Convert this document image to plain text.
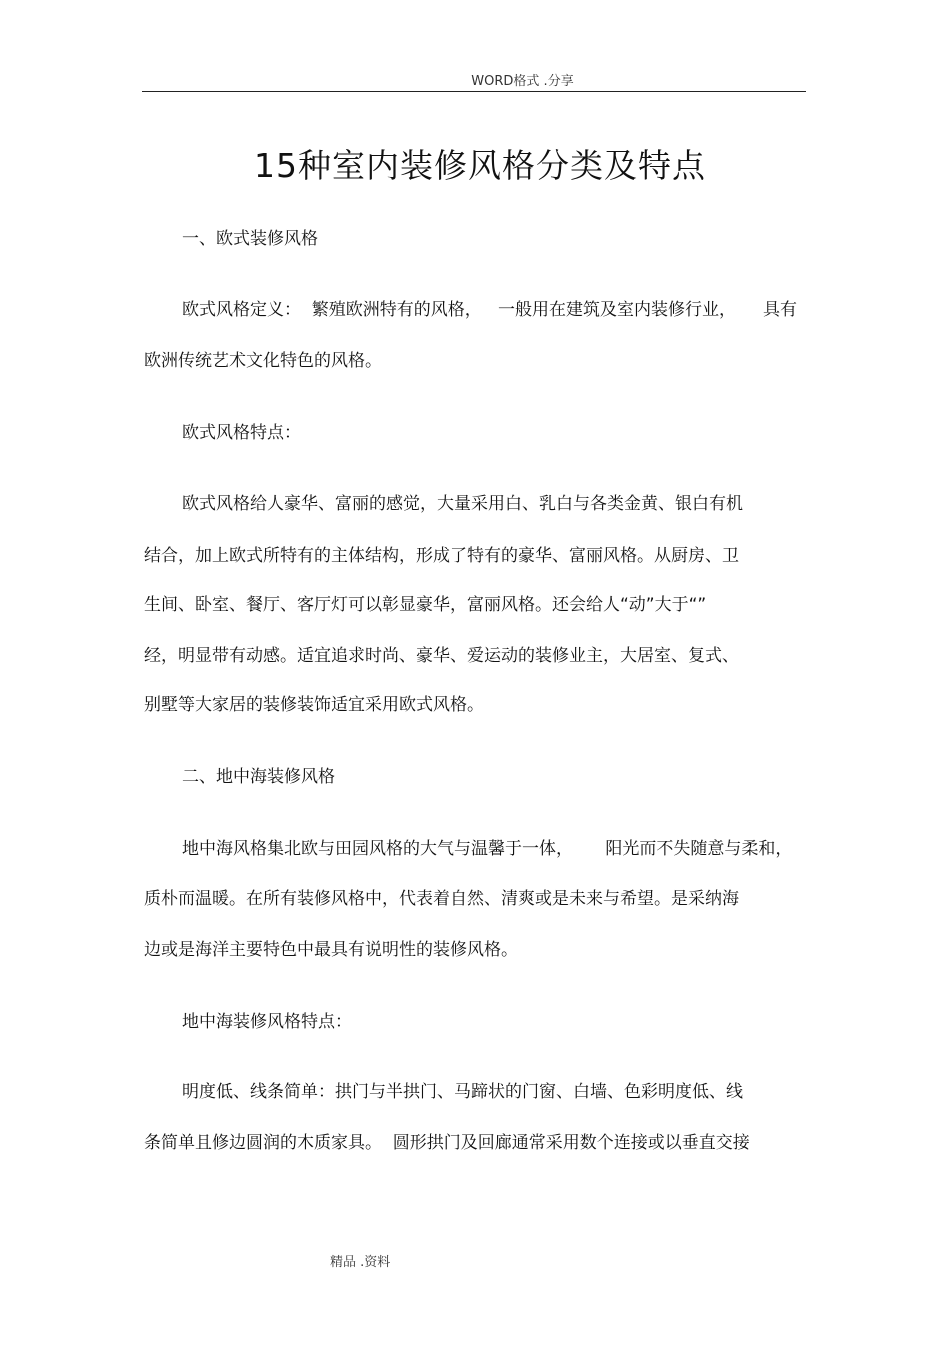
WORD格式 .分享
15种室内装修风格分类及特点
一、欧式装修风格
欧式风格定义：  繁殖欧洲特有的风格，   一般用在建筑及室内装修行业，     具有
欧洲传统艺术文化特色的风格。
欧式风格特点：
欧式风格给人豪华、富丽的感觉，大量采用白、乳白与各类金黄、银白有机
结合，加上欧式所特有的主体结构，形成了特有的豪华、富丽风格。从厨房、卫
生间、卧室、餐厅、客厅灯可以彰显豪华，富丽风格。还会给人“动”大于“”
经，明显带有动感。适宜追求时尚、豪华、爱运动的装修业主，大居室、复式、
别墅等大家居的装修装饰适宜采用欧式风格。
二、地中海装修风格
地中海风格集北欧与田园风格的大气与温馨于一体，      阳光而不失随意与柔和，
质朴而温暖。在所有装修风格中，代表着自然、清爽或是未来与希望。是采纳海
边或是海洋主要特色中最具有说明性的装修风格。
地中海装修风格特点：
明度低、线条简单：拱门与半拱门、马蹄状的门窗、白墙、色彩明度低、线
条简单且修边圆润的木质家具。  圆形拱门及回廊通常采用数个连接或以垂直交接
精品 .资料
